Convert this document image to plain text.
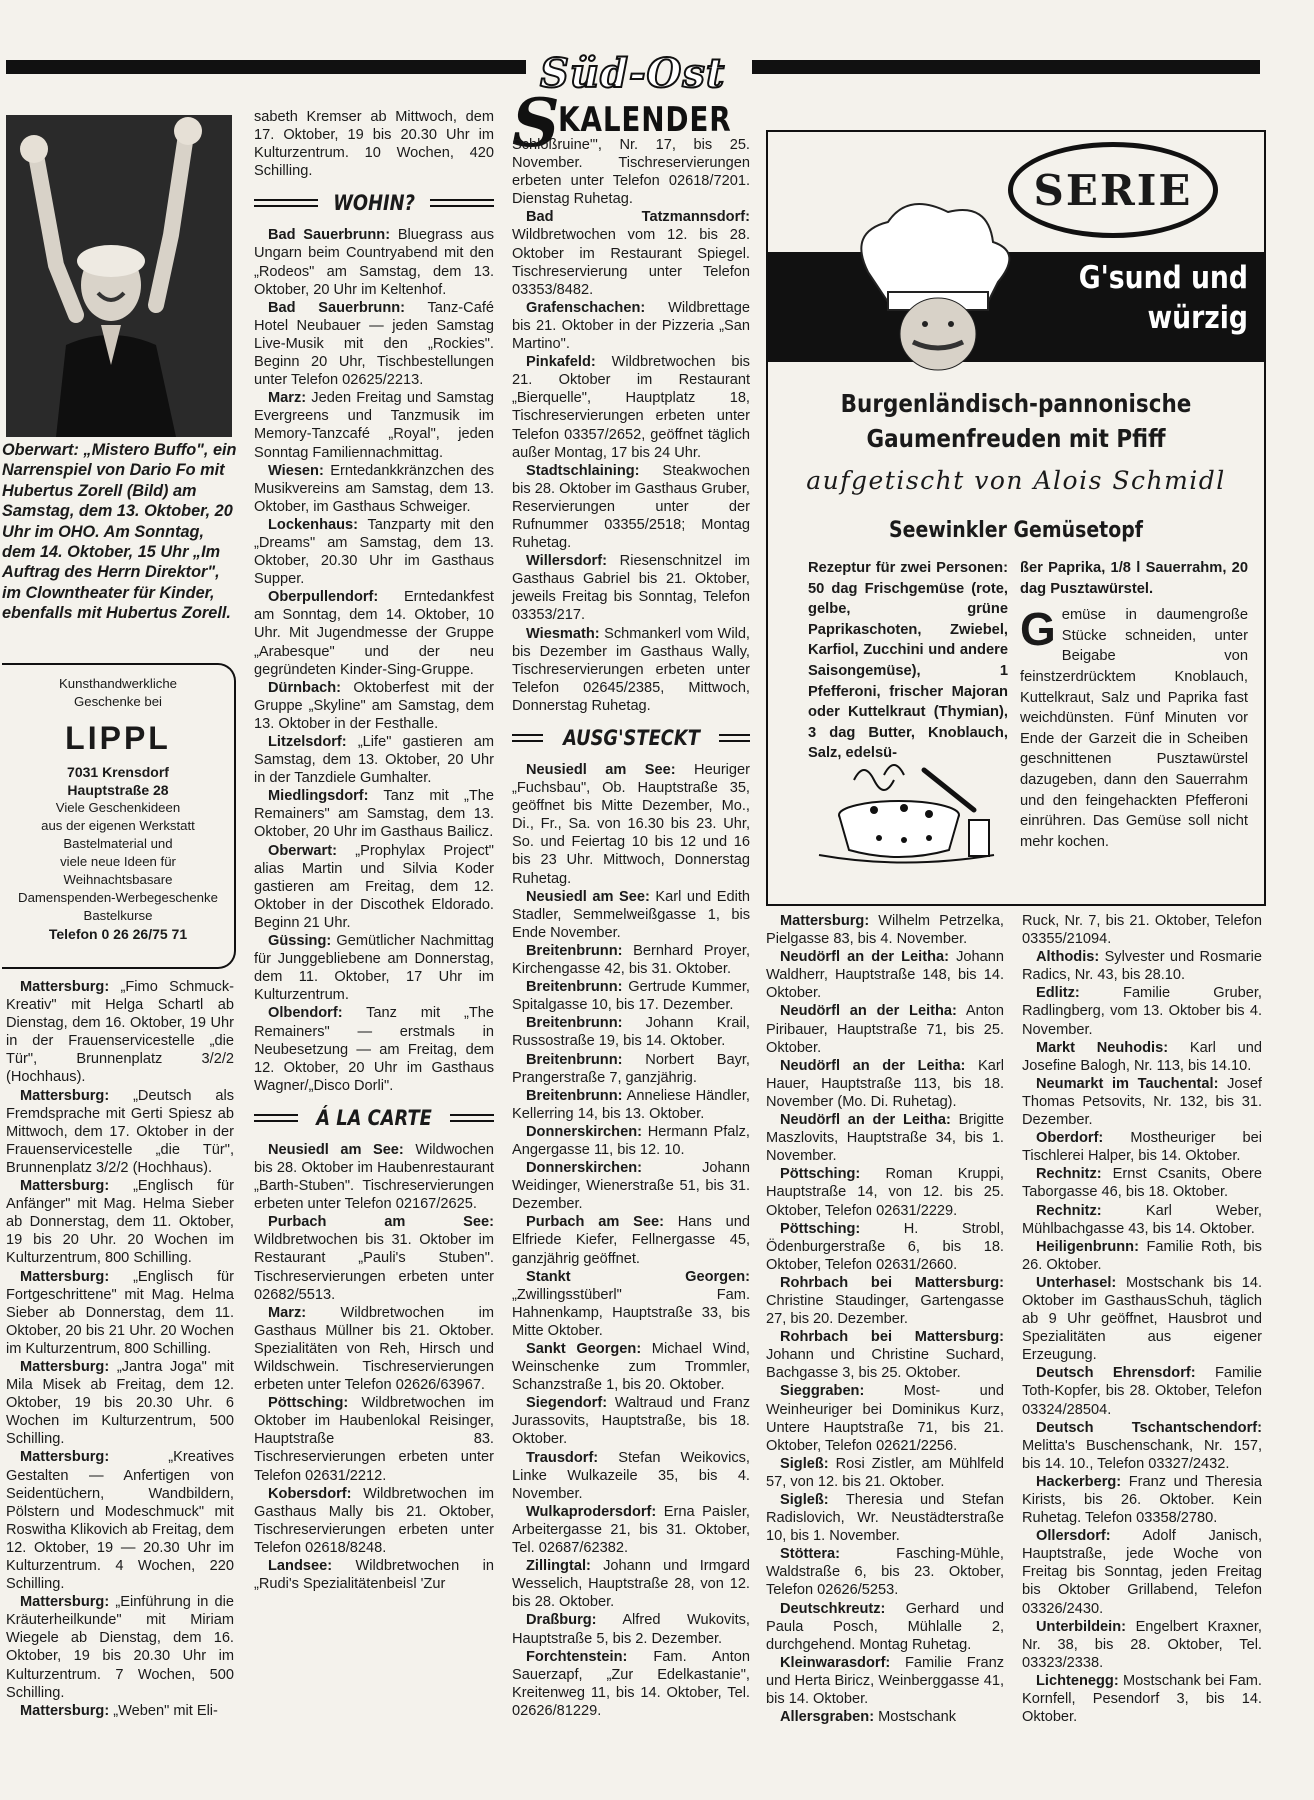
Süd-Ost
S
KALENDER
Oberwart: „Mistero Buffo", ein Narrenspiel von Dario Fo mit Hubertus Zorell (Bild) am Samstag, dem 13. Oktober, 20 Uhr im OHO. Am Sonntag, dem 14. Oktober, 15 Uhr „Im Auftrag des Herrn Direktor", im Clowntheater für Kinder, ebenfalls mit Hubertus Zorell.
Kunsthandwerkliche
Geschenke bei
LIPPL
7031 Krensdorf
Hauptstraße 28
Viele Geschenkideen
aus der eigenen Werkstatt
Bastelmaterial und
viele neue Ideen für
Weihnachtsbasare
Damenspenden-Werbegeschenke
Bastelkurse
Telefon 0 26 26/75 71

Mattersburg: „Fimo Schmuck-Kreativ" mit Helga Schartl ab Dienstag, dem 16. Oktober, 19 Uhr in der Frauenservicestelle „die Tür", Brunnenplatz 3/2/2 (Hochhaus).

Mattersburg: „Deutsch als Fremdsprache mit Gerti Spiesz ab Mittwoch, dem 17. Oktober in der Frauenservicestelle „die Tür", Brunnenplatz 3/2/2 (Hochhaus).

Mattersburg: „Englisch für Anfänger" mit Mag. Helma Sieber ab Donnerstag, dem 11. Oktober, 19 bis 20 Uhr. 20 Wochen im Kulturzentrum, 800 Schilling.

Mattersburg: „Englisch für Fortgeschrittene" mit Mag. Helma Sieber ab Donnerstag, dem 11. Oktober, 20 bis 21 Uhr. 20 Wochen im Kulturzentrum, 800 Schilling.

Mattersburg: „Jantra Joga" mit Mila Misek ab Freitag, dem 12. Oktober, 19 bis 20.30 Uhr. 6 Wochen im Kulturzentrum, 500 Schilling.

Mattersburg:	„Kreatives Gestalten — Anfertigen von Seidentüchern, Wandbildern, Pölstern und Modeschmuck" mit Roswitha Klikovich ab Freitag, dem 12. Oktober, 19 — 20.30 Uhr im Kulturzentrum. 4 Wochen, 220 Schilling.

Mattersburg: „Einführung in die Kräuterheilkunde" mit Miriam Wiegele ab Dienstag, dem 16. Oktober, 19 bis 20.30 Uhr im Kulturzentrum. 7 Wochen, 500 Schilling.

Mattersburg: „Weben" mit Eli-

sabeth Kremser ab Mittwoch, dem 17. Oktober, 19 bis 20.30 Uhr im Kulturzentrum. 10 Wochen, 420 Schilling.

WOHIN?

Bad Sauerbrunn: Bluegrass aus Ungarn beim Countryabend mit den „Rodeos" am Samstag, dem 13. Oktober, 20 Uhr im Keltenhof.

Bad Sauerbrunn: Tanz-Café Hotel Neubauer — jeden Samstag Live-Musik mit den „Rockies". Beginn 20 Uhr, Tischbestellungen unter Telefon 02625/2213.

Marz: Jeden Freitag und Samstag Evergreens und Tanzmusik im Memory-Tanzcafé „Royal", jeden Sonntag Familiennachmittag.

Wiesen: Erntedankkränzchen des Musikvereins am Samstag, dem 13. Oktober, im Gasthaus Schweiger.

Lockenhaus: Tanzparty mit den „Dreams" am Samstag, dem 13. Oktober, 20.30 Uhr im Gasthaus Supper.

Oberpullendorf: Erntedankfest am Sonntag, dem 14. Oktober, 10 Uhr. Mit Jugendmesse der Gruppe „Arabesque" und der neu gegründeten Kinder-Sing-Gruppe.

Dürnbach: Oktoberfest mit der Gruppe „Skyline" am Samstag, dem 13. Oktober in der Festhalle.

Litzelsdorf: „Life" gastieren am Samstag, dem 13. Oktober, 20 Uhr in der Tanzdiele Gumhalter.

Miedlingsdorf: Tanz mit „The Remainers" am Samstag, dem 13. Oktober, 20 Uhr im Gasthaus Bailicz.

Oberwart: „Prophylax Project" alias Martin und Silvia Koder gastieren am Freitag, dem 12. Oktober in der Discothek Eldorado. Beginn 21 Uhr.

Güssing: Gemütlicher Nachmittag für Junggebliebene am Donnerstag, dem 11. Oktober, 17 Uhr im Kulturzentrum.

Olbendorf: Tanz mit „The Remainers" — erstmals in Neubesetzung — am Freitag, dem 12. Oktober, 20 Uhr im Gasthaus Wagner/„Disco Dorli".

Á LA CARTE

Neusiedl am See: Wildwochen bis 28. Oktober im Haubenrestaurant „Barth-Stuben". Tischreservierungen erbeten unter Telefon 02167/2625.

Purbach am See: Wildbretwochen bis 31. Oktober im Restaurant „Pauli's Stuben". Tischreservierungen erbeten unter 02682/5513.

Marz: Wildbretwochen im Gasthaus Müllner bis 21. Oktober. Spezialitäten von Reh, Hirsch und Wildschwein. Tischreservierungen erbeten unter Telefon 02626/63967.

Pöttsching: Wildbretwochen im Oktober im Haubenlokal Reisinger, Hauptstraße 83. Tischreservierungen erbeten unter Telefon 02631/2212.

Kobersdorf: Wildbretwochen im Gasthaus Mally bis 21. Oktober, Tischreservierungen erbeten unter Telefon 02618/8248.

Landsee: Wildbretwochen in „Rudi's Spezialitätenbeisl 'Zur

Schloßruine'", Nr. 17, bis 25. November. Tischreservierungen erbeten unter Telefon 02618/7201. Dienstag Ruhetag.

Bad Tatzmannsdorf: Wildbretwochen vom 12. bis 28. Oktober im Restaurant Spiegel. Tischreservierung unter Telefon 03353/8482.

Grafenschachen: Wildbrettage bis 21. Oktober in der Pizzeria „San Martino".

Pinkafeld: Wildbretwochen bis 21. Oktober im Restaurant „Bierquelle", Hauptplatz 18, Tischreservierungen erbeten unter Telefon 03357/2652, geöffnet täglich außer Montag, 17 bis 24 Uhr.

Stadtschlaining: Steakwochen bis 28. Oktober im Gasthaus Gruber, Reservierungen unter der Rufnummer 03355/2518; Montag Ruhetag.

Willersdorf: Riesenschnitzel im Gasthaus Gabriel bis 21. Oktober, jeweils Freitag bis Sonntag, Telefon 03353/217.

Wiesmath: Schmankerl vom Wild, bis Dezember im Gasthaus Wally, Tischreservierungen erbeten unter Telefon 02645/2385, Mittwoch, Donnerstag Ruhetag.

AUSG'STECKT

Neusiedl am See: Heuriger „Fuchsbau", Ob. Hauptstraße 35, geöffnet bis Mitte Dezember, Mo., Di., Fr., Sa. von 16.30 bis 23. Uhr, So. und Feiertag 10 bis 12 und 16 bis 23 Uhr. Mittwoch, Donnerstag Ruhetag.

Neusiedl am See: Karl und Edith Stadler, Semmelweißgasse 1, bis Ende November.

Breitenbrunn: Bernhard Proyer, Kirchengasse 42, bis 31. Oktober.

Breitenbrunn: Gertrude Kummer, Spitalgasse 10, bis 17. Dezember.

Breitenbrunn: Johann Krail, Russostraße 19, bis 14. Oktober.

Breitenbrunn: Norbert Bayr, Prangerstraße 7, ganzjährig.

Breitenbrunn: Anneliese Händler, Kellerring 14, bis 13. Oktober.

Donnerskirchen: Hermann Pfalz, Angergasse 11, bis 12. 10.

Donnerskirchen:	Johann Weidinger, Wienerstraße 51, bis 31. Dezember.

Purbach am See: Hans und Elfriede Kiefer, Fellnergasse 45, ganzjährig geöffnet.

Stankt Georgen: „Zwillingsstüberl" Fam. Hahnenkamp, Hauptstraße 33, bis Mitte Oktober.

Sankt Georgen: Michael Wind, Weinschenke zum Trommler, Schanzstraße 1, bis 20. Oktober.

Siegendorf: Waltraud und Franz Jurassovits, Hauptstraße, bis 18. Oktober.

Trausdorf: Stefan Weikovics, Linke Wulkazeile 35, bis 4. November.

Wulkaprodersdorf: Erna Paisler, Arbeitergasse 21, bis 31. Oktober, Tel. 02687/62382.

Zillingtal: Johann und Irmgard Wesselich, Hauptstraße 28, von 12. bis 28. Oktober.

Draßburg: Alfred Wukovits, Hauptstraße 5, bis 2. Dezember.

Forchtenstein: Fam. Anton Sauerzapf, „Zur Edelkastanie", Kreitenweg 11, bis 14. Oktober, Tel. 02626/81229.

SERIE
G'sund und
würzig
Burgenländisch-pannonische
Gaumenfreuden mit Pfiff
aufgetischt von Alois Schmidl
Seewinkler Gemüsetopf
Rezeptur für zwei Personen: 50 dag Frischgemüse (rote, gelbe, grüne Paprikaschoten, Zwiebel, Karfiol, Zucchini und andere Saisongemüse), 1 Pfefferoni, frischer Majoran oder Kuttelkraut (Thymian), 3 dag Butter, Knoblauch, Salz, edelsü-
ßer Paprika, 1/8 l Sauerrahm, 20 dag Pusztawürstel.
Gemüse in daumengroße Stücke schneiden, unter Beigabe von feinstzerdrücktem Knoblauch, Kuttelkraut, Salz und Paprika fast weichdünsten. Fünf Minuten vor Ende der Garzeit die in Scheiben geschnittenen Pusztawürstel dazugeben, dann den Sauerrahm und den feingehackten Pfefferoni einrühren. Das Gemüse soll nicht mehr kochen.

Mattersburg: Wilhelm Petrzelka, Pielgasse 83, bis 4. November.

Neudörfl an der Leitha: Johann Waldherr, Hauptstraße 148, bis 14. Oktober.

Neudörfl an der Leitha: Anton Piribauer, Hauptstraße 71, bis 25. Oktober.

Neudörfl an der Leitha: Karl Hauer, Hauptstraße 113, bis 18. November (Mo. Di. Ruhetag).

Neudörfl an der Leitha: Brigitte Maszlovits, Hauptstraße 34, bis 1. November.

Pöttsching: Roman Kruppi, Hauptstraße 14, von 12. bis 25. Oktober, Telefon 02631/2229.

Pöttsching:	H. Strobl, Ödenburgerstraße 6, bis 18. Oktober, Telefon 02631/2660.

Rohrbach bei Mattersburg: Christine Staudinger, Gartengasse 27, bis 20. Dezember.

Rohrbach bei Mattersburg: Johann und Christine Suchard, Bachgasse 3, bis 25. Oktober.

Sieggraben:	Most- und Weinheuriger bei Dominikus Kurz, Untere Hauptstraße 71, bis 21. Oktober, Telefon 02621/2256.

Sigleß: Rosi Zistler, am Mühlfeld 57, von 12. bis 21. Oktober.

Sigleß: Theresia und Stefan Radislovich, Wr. Neustädterstraße 10, bis 1. November.

Stöttera:	Fasching-Mühle, Waldstraße 6, bis 23. Oktober, Telefon 02626/5253.

Deutschkreutz: Gerhard und Paula Posch, Mühlalle 2, durchgehend. Montag Ruhetag.

Kleinwarasdorf: Familie Franz und Herta Biricz, Weinberggasse 41, bis 14. Oktober.

Allersgraben: Mostschank

Ruck, Nr. 7, bis 21. Oktober, Telefon 03355/21094.

Althodis: Sylvester und Rosmarie Radics, Nr. 43, bis 28.10.

Edlitz:	Familie Gruber, Radlingberg, vom 13. Oktober bis 4. November.

Markt Neuhodis: Karl und Josefine Balogh, Nr. 113, bis 14.10.

Neumarkt im Tauchental: Josef Thomas Petsovits, Nr. 132, bis 31. Dezember.

Oberdorf: Mostheuriger bei Tischlerei Halper, bis 14. Oktober.

Rechnitz: Ernst Csanits, Obere Taborgasse 46, bis 18. Oktober.

Rechnitz:	Karl Weber, Mühlbachgasse 43, bis 14. Oktober.

Heiligenbrunn: Familie Roth, bis 26. Oktober.

Unterhasel: Mostschank bis 14. Oktober im GasthausSchuh, täglich ab 9 Uhr geöffnet, Hausbrot und Spezialitäten aus eigener Erzeugung.

Deutsch Ehrensdorf: Familie Toth-Kopfer, bis 28. Oktober, Telefon 03324/28504.

Deutsch Tschantschendorf: Melitta's Buschenschank, Nr. 157, bis 14. 10., Telefon 03327/2432.

Hackerberg: Franz und Theresia Kirists, bis 26. Oktober. Kein Ruhetag. Telefon 03358/2780.

Ollersdorf: Adolf Janisch, Hauptstraße, jede Woche von Freitag bis Sonntag, jeden Freitag bis Oktober Grillabend, Telefon 03326/2430.

Unterbildein: Engelbert Kraxner, Nr. 38, bis 28. Oktober, Tel. 03323/2338.

Lichtenegg: Mostschank bei Fam. Kornfell, Pesendorf 3, bis 14. Oktober.
